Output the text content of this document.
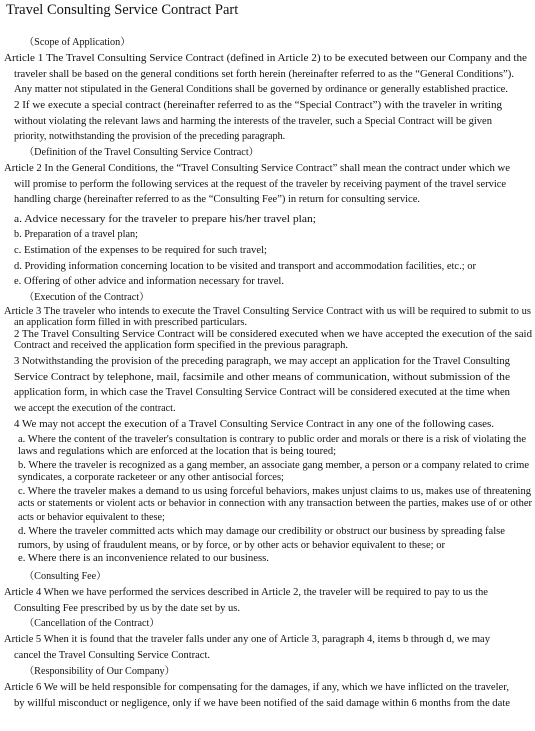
Travel Consulting Service Contract Part
（Scope of Application）
Article 1 The Travel Consulting Service Contract (defined in Article 2) to be executed between our Company and the
traveler shall be based on the general conditions set forth herein (hereinafter referred to as the “General Conditions”).
Any matter not stipulated in the General Conditions shall be governed by ordinance or generally established practice.
2 If we execute a special contract (hereinafter referred to as the “Special Contract”) with the traveler in writing
without violating the relevant laws and harming the interests of the traveler, such a Special Contract will be given
priority, notwithstanding the provision of the preceding paragraph.
（Definition of the Travel Consulting Service Contract）
Article 2 In the General Conditions, the “Travel Consulting Service Contract” shall mean the contract under which we
will promise to perform the following services at the request of the traveler by receiving payment of the travel service
handling charge (hereinafter referred to as the “Consulting Fee”) in return for consulting service.
a. Advice necessary for the traveler to prepare his/her travel plan;
b. Preparation of a travel plan;
c. Estimation of the expenses to be required for such travel;
d. Providing information concerning location to be visited and transport and accommodation facilities, etc.; or
e. Offering of other advice and information necessary for travel.
（Execution of the Contract）
Article 3 The traveler who intends to execute the Travel Consulting Service Contract with us will be required to submit to us
an application form filled in with prescribed particulars.
2 The Travel Consulting Service Contract will be considered executed when we have accepted the execution of the said
Contract and received the application form specified in the previous paragraph.
3 Notwithstanding the provision of the preceding paragraph, we may accept an application for the Travel Consulting
Service Contract by telephone, mail, facsimile and other means of communication, without submission of the
application form, in which case the Travel Consulting Service Contract will be considered executed at the time when
we accept the execution of the contract.
4 We may not accept the execution of a Travel Consulting Service Contract in any one of the following cases.
a. Where the content of the traveler's consultation is contrary to public order and morals or there is a risk of violating the
laws and regulations which are enforced at the location that is being toured;
b. Where the traveler is recognized as a gang member, an associate gang member, a person or a company related to crime
syndicates, a corporate racketeer or any other antisocial forces;
c. Where the traveler makes a demand to us using forceful behaviors, makes unjust claims to us, makes use of threatening
acts or statements or violent acts or behavior in connection with any transaction between the parties, makes use of or other
acts or behavior equivalent to these;
d. Where the traveler committed acts which may damage our credibility or obstruct our business by spreading false
rumors, by using of fraudulent means, or by force, or by other acts or behavior equivalent to these; or
e. Where there is an inconvenience related to our business.
（Consulting Fee）
Article 4 When we have performed the services described in Article 2, the traveler will be required to pay to us the
Consulting Fee prescribed by us by the date set by us.
（Cancellation of the Contract）
Article 5 When it is found that the traveler falls under any one of Article 3, paragraph 4, items b through d, we may
cancel the Travel Consulting Service Contract.
（Responsibility of Our Company）
Article 6 We will be held responsible for compensating for the damages, if any, which we have inflicted on the traveler,
by willful misconduct or negligence, only if we have been notified of the said damage within 6 months from the date
